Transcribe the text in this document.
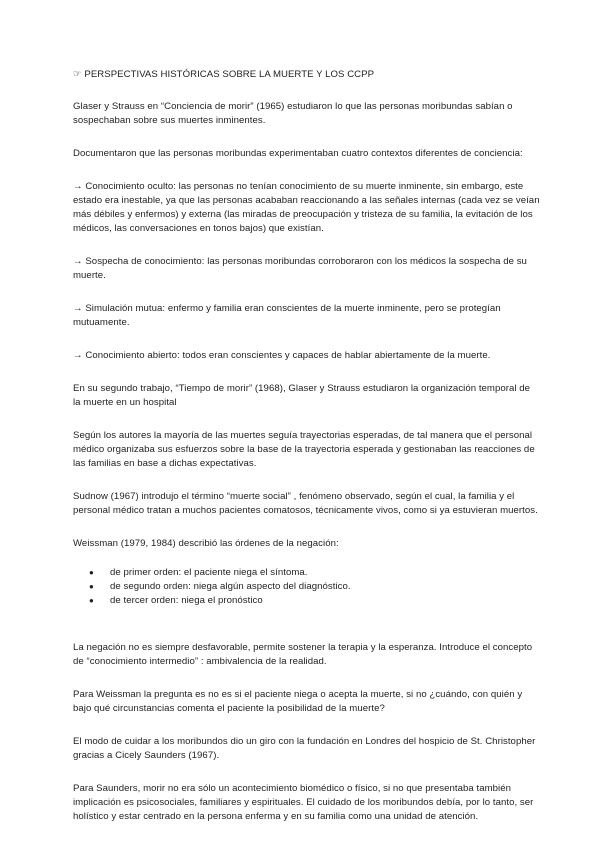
☞ PERSPECTIVAS HISTÓRICAS SOBRE LA MUERTE Y LOS CCPP

Glaser y Strauss en “Conciencia de morir” (1965) estudiaron lo que las personas moribundas sabían o sospechaban sobre sus muertes inminentes.

Documentaron que las personas moribundas experimentaban cuatro contextos diferentes de conciencia:

→ Conocimiento oculto: las personas no tenían conocimiento de su muerte inminente, sin embargo, este estado era inestable, ya que las personas acababan reaccionando a las señales internas (cada vez se veían más débiles y enfermos) y externa (las miradas de preocupación y tristeza de su familia, la evitación de los médicos, las conversaciones en tonos bajos) que existían.
→ Sospecha de conocimiento: las personas moribundas corroboraron con los médicos la sospecha de su muerte.
→ Simulación mutua: enfermo y familia eran conscientes de la muerte inminente, pero se protegían mutuamente.
→ Conocimiento abierto: todos eran conscientes y capaces de hablar abiertamente de la muerte.

En su segundo trabajo, “Tiempo de morir” (1968), Glaser y Strauss estudiaron la organización temporal de la muerte en un hospital

Según los autores la mayoría de las muertes seguía trayectorias esperadas, de tal manera que el personal médico organizaba sus esfuerzos sobre la base de la trayectoria esperada y gestionaban las reacciones de las familias en base a dichas expectativas.

Sudnow (1967) introdujo el término “muerte social” , fenómeno observado, según el cual, la familia y el personal médico tratan a muchos pacientes comatosos, técnicamente vivos, como si ya estuvieran muertos.

Weissman (1979, 1984) describió las órdenes de la negación:

● de primer orden: el paciente niega el síntoma.
● de segundo orden: niega algún aspecto del diagnóstico.
● de tercer orden: niega el pronóstico

La negación no es siempre desfavorable, permite sostener la terapia y la esperanza. Introduce el concepto de “conocimiento intermedio” : ambivalencia de la realidad.

Para Weissman la pregunta es no es si el paciente niega o acepta la muerte, si no ¿cuándo, con quién y bajo qué circunstancias comenta el paciente la posibilidad de la muerte?

El modo de cuidar a los moribundos dio un giro con la fundación en Londres del hospicio de St. Christopher gracias a Cicely Saunders (1967).

Para Saunders, morir no era sólo un acontecimiento biomédico o físico, si no que presentaba también implicación es psicosociales, familiares y espirituales. El cuidado de los moribundos debía, por lo tanto, ser holístico y estar centrado en la persona enferma y en su familia como una unidad de atención.
